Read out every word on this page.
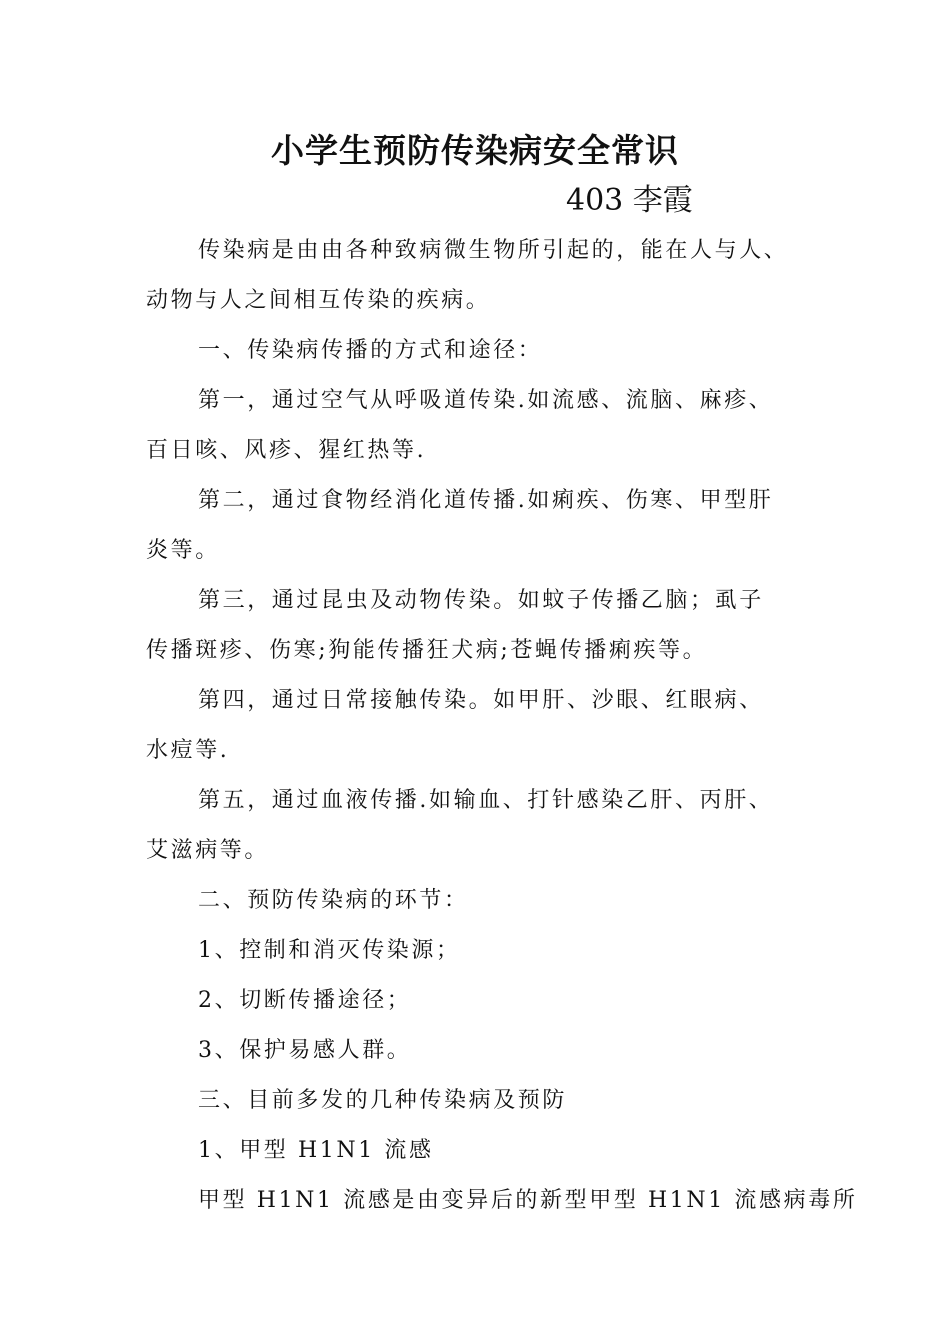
小学生预防传染病安全常识
403 李霞

传染病是由由各种致病微生物所引起的，能在人与人、

动物与人之间相互传染的疾病。

一、传染病传播的方式和途径：

第一，通过空气从呼吸道传染.如流感、流脑、麻疹、

百日咳、风疹、猩红热等.

第二，通过食物经消化道传播.如痢疾、伤寒、甲型肝

炎等。

第三，通过昆虫及动物传染。如蚊子传播乙脑；虱子

传播斑疹、伤寒;狗能传播狂犬病;苍蝇传播痢疾等。

第四，通过日常接触传染。如甲肝、沙眼、红眼病、

水痘等.

第五，通过血液传播.如输血、打针感染乙肝、丙肝、

艾滋病等。

二、预防传染病的环节：

1、控制和消灭传染源；

2、切断传播途径；

3、保护易感人群。

三、目前多发的几种传染病及预防

1、甲型 H1N1 流感

甲型 H1N1 流感是由变异后的新型甲型 H1N1 流感病毒所
